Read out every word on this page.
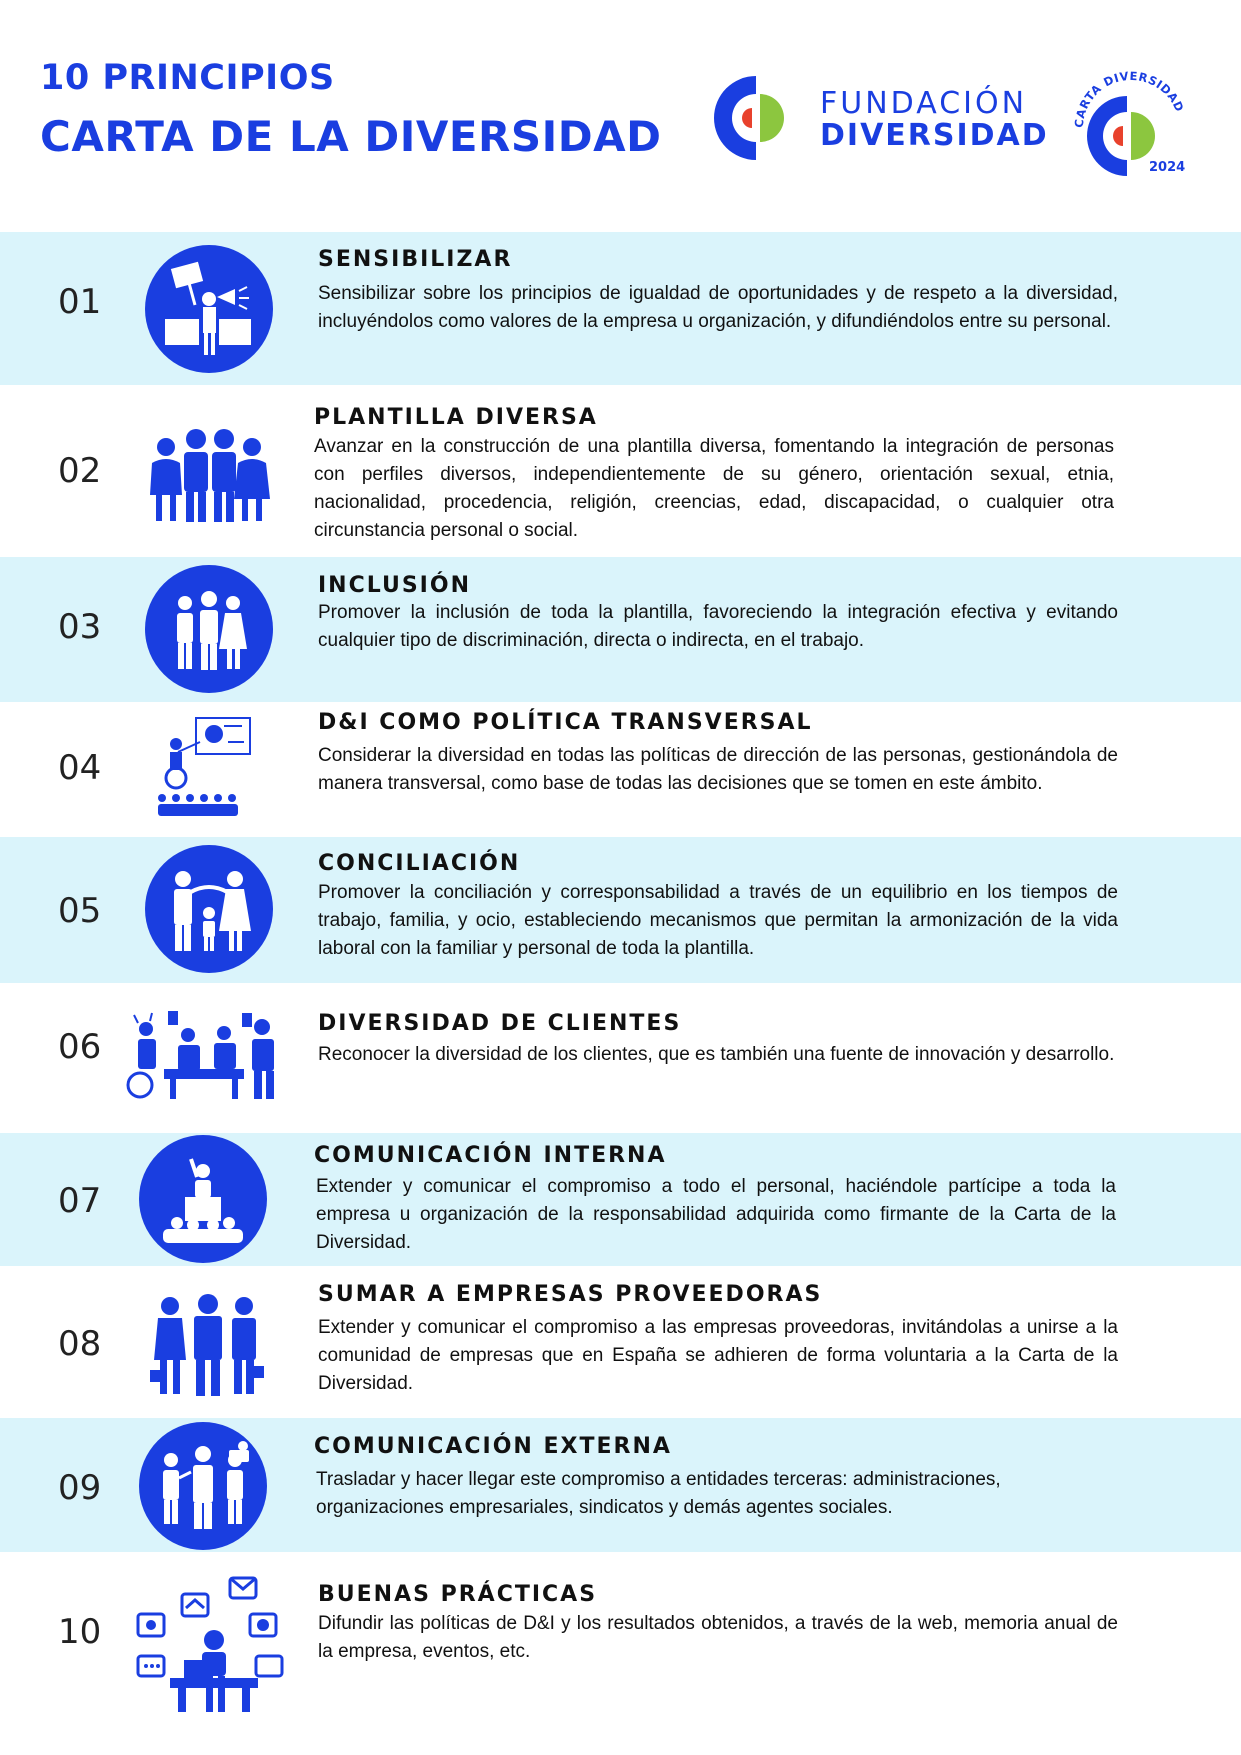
10 PRINCIPIOS
CARTA DE LA DIVERSIDAD
FUNDACIÓN
DIVERSIDAD CARTA DIVERSIDAD
2024
01
SENSIBILIZAR

Sensibilizar sobre los principios de igualdad de oportunidades y de respeto a la diversidad, incluyéndolos como valores de la empresa u organización, y difundiéndolos entre su personal.

02
PLANTILLA DIVERSA

Avanzar en la construcción de una plantilla diversa, fomentando la integración de personas con perfiles diversos, independientemente de su género, orientación sexual, etnia, nacionalidad, procedencia, religión, creencias, edad, discapacidad, o cualquier otra circunstancia personal o social.

03
INCLUSIÓN

Promover la inclusión de toda la plantilla, favoreciendo la integración efectiva y evitando cualquier tipo de discriminación, directa o indirecta, en el trabajo.

04
D&I COMO POLÍTICA TRANSVERSAL

Considerar la diversidad en todas las políticas de dirección de las personas, gestionándola de manera transversal, como base de todas las decisiones que se tomen en este ámbito.

05
CONCILIACIÓN

Promover la conciliación y corresponsabilidad a través de un equilibrio en los tiempos de trabajo, familia, y ocio, estableciendo mecanismos que permitan la armonización de la vida laboral con la familiar y personal de toda la plantilla.

06
DIVERSIDAD DE CLIENTES

Reconocer la diversidad de los clientes, que es también una fuente de innovación y desarrollo.

07
COMUNICACIÓN INTERNA

Extender y comunicar el compromiso a todo el personal, haciéndole partícipe a toda la empresa u organización de la responsabilidad adquirida como firmante de la Carta de la Diversidad.

08
SUMAR A EMPRESAS PROVEEDORAS

Extender y comunicar el compromiso a las empresas proveedoras, invitándolas a unirse a la comunidad de empresas que en España se adhieren de forma voluntaria a la Carta de la Diversidad.

09
COMUNICACIÓN EXTERNA

Trasladar y hacer llegar este compromiso a entidades terceras: administraciones, organizaciones empresariales, sindicatos y demás agentes sociales.

10
BUENAS PRÁCTICAS

Difundir las políticas de D&I y los resultados obtenidos, a través de la web, memoria anual de la empresa, eventos, etc.
